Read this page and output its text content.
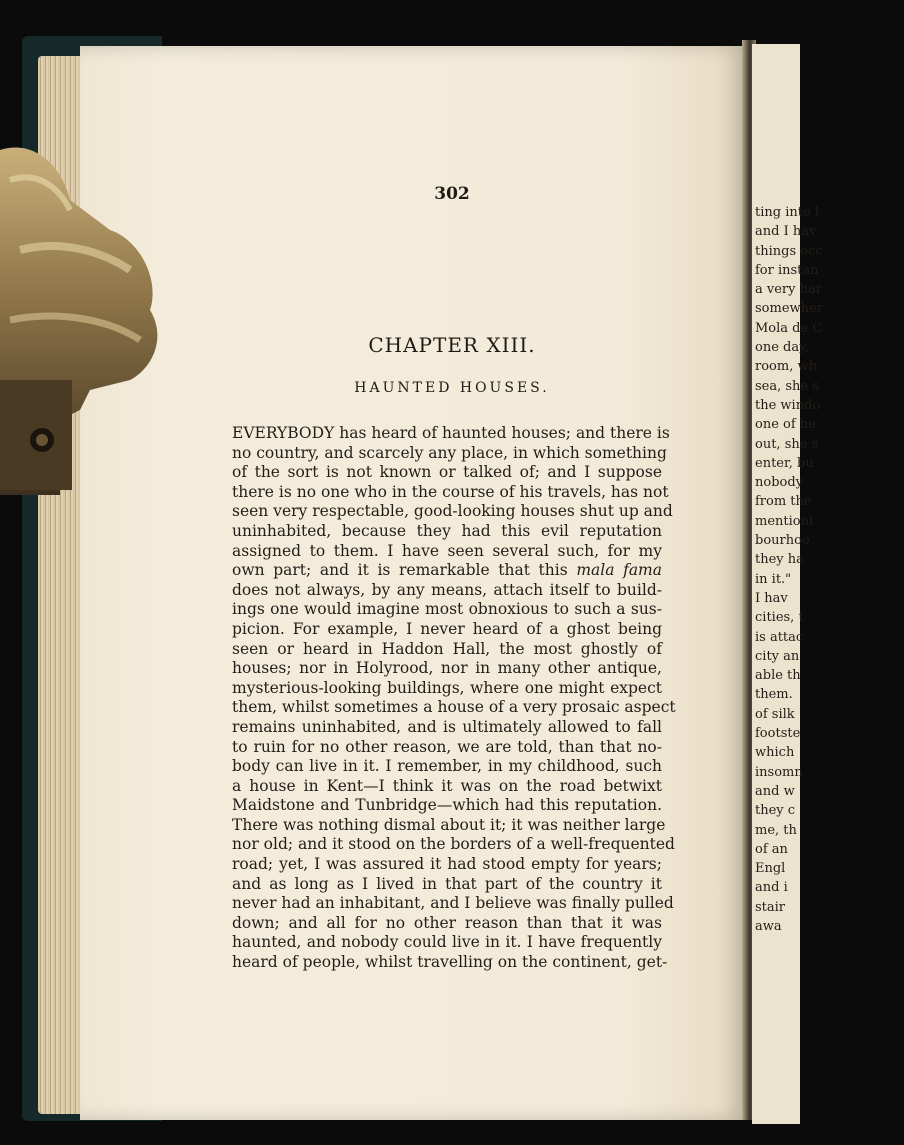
302
CHAPTER XIII.
HAUNTED HOUSES.
EVERYBODY has heard of haunted houses; and there is
no country, and scarcely any place, in which something
of the sort is not known or talked of; and I suppose
there is no one who in the course of his travels, has not
seen very respectable, good-looking houses shut up and
uninhabited, because they had this evil reputation
assigned to them. I have seen several such, for my
own part; and it is remarkable that this mala fama
does not always, by any means, attach itself to build-
ings one would imagine most obnoxious to such a sus-
picion. For example, I never heard of a ghost being
seen or heard in Haddon Hall, the most ghostly of
houses; nor in Holyrood, nor in many other antique,
mysterious-looking buildings, where one might expect
them, whilst sometimes a house of a very prosaic aspect
remains uninhabited, and is ultimately allowed to fall
to ruin for no other reason, we are told, than that no-
body can live in it. I remember, in my childhood, such
a house in Kent—I think it was on the road betwixt
Maidstone and Tunbridge—which had this reputation.
There was nothing dismal about it; it was neither large
nor old; and it stood on the borders of a well-frequented
road; yet, I was assured it had stood empty for years;
and as long as I lived in that part of the country it
never had an inhabitant, and I believe was finally pulled
down; and all for no other reason than that it was
haunted, and nobody could live in it. I have frequently
heard of people, whilst travelling on the continent, get-
ting into l
and I hav
things occ
for instan
a very har
somewher
Mola de C
one day,
room, wh
sea, she s
the windo
one of he
out, she s
enter, bu
nobody
from the
mentioni
bourhoo
they ha
in it."
I hav
cities, t
is attac
city an
able th
them.
of silk
footste
which
insomn
and w
they c
me, th
of an
Engl
and i
stair
awa
